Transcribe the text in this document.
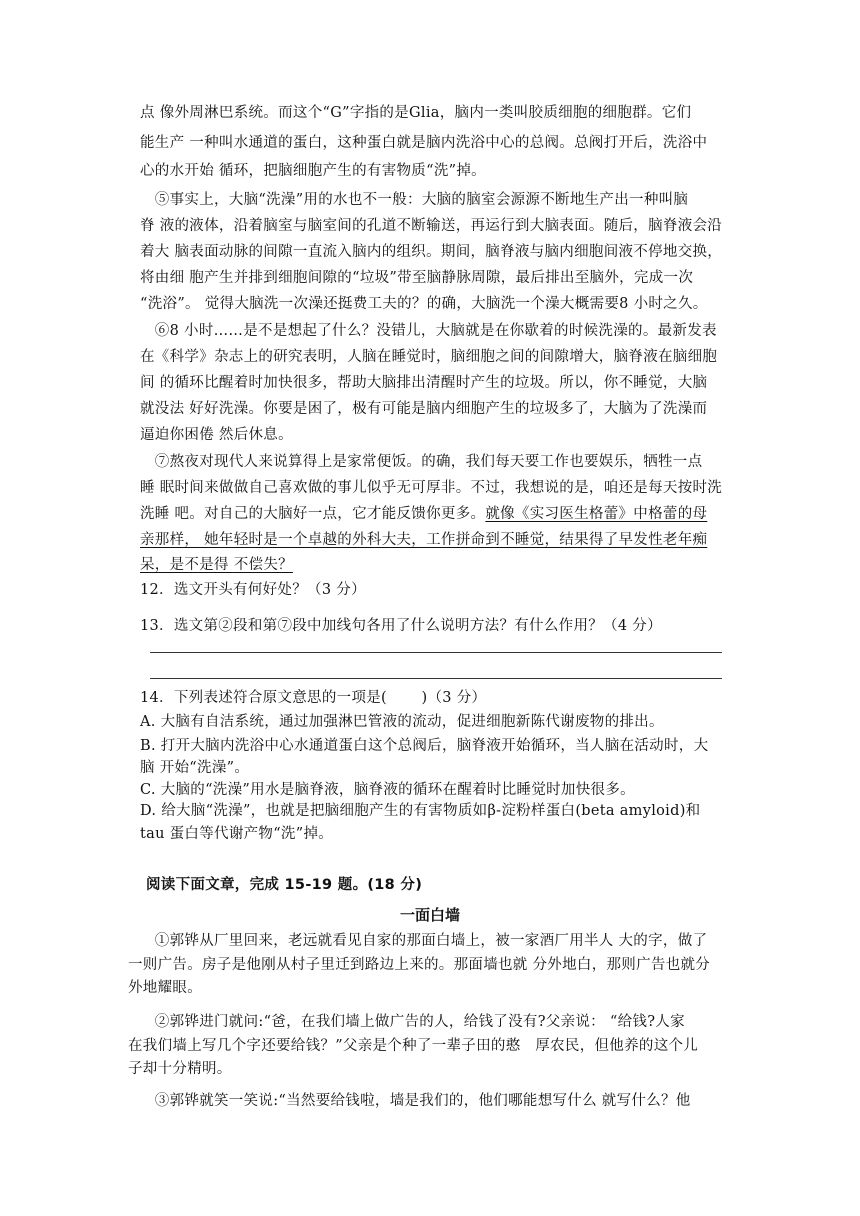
点 像外周淋巴系统。而这个“G”字指的是Glia，脑内一类叫胶质细胞的细胞群。它们
能生产 一种叫水通道的蛋白，这种蛋白就是脑内洗浴中心的总阀。总阀打开后，洗浴中
心的水开始 循环，把脑细胞产生的有害物质“洗”掉。
　⑤事实上，大脑“洗澡”用的水也不一般：大脑的脑室会源源不断地生产出一种叫脑
脊 液的液体，沿着脑室与脑室间的孔道不断输送，再运行到大脑表面。随后，脑脊液会沿
着大 脑表面动脉的间隙一直流入脑内的组织。期间，脑脊液与脑内细胞间液不停地交换，
将由细 胞产生并排到细胞间隙的“垃圾”带至脑静脉周隙，最后排出至脑外，完成一次
“洗浴”。 觉得大脑洗一次澡还挺费工夫的？的确，大脑洗一个澡大概需要8 小时之久。
　⑥8 小时……是不是想起了什么？没错儿，大脑就是在你歇着的时候洗澡的。最新发表
在《科学》杂志上的研究表明，人脑在睡觉时，脑细胞之间的间隙增大，脑脊液在脑细胞
间 的循环比醒着时加快很多，帮助大脑排出清醒时产生的垃圾。所以，你不睡觉，大脑
就没法 好好洗澡。你要是困了，极有可能是脑内细胞产生的垃圾多了，大脑为了洗澡而
逼迫你困倦 然后休息。
　⑦熬夜对现代人来说算得上是家常便饭。的确，我们每天要工作也要娱乐，牺牲一点
睡 眠时间来做做自己喜欢做的事儿似乎无可厚非。不过，我想说的是，咱还是每天按时洗
洗睡 吧。对自己的大脑好一点，它才能反馈你更多。就像《实习医生格蕾》中格蕾的母
亲那样， 她年轻时是一个卓越的外科大夫，工作拼命到不睡觉，结果得了早发性老年痴
呆，是不是得 不偿失？
12．选文开头有何好处？（3 分）
13．选文第②段和第⑦段中加线句各用了什么说明方法？有什么作用？（4 分）
14．下列表述符合原文意思的一项是(　　 )（3 分）
A. 大脑有自洁系统，通过加强淋巴管液的流动，促进细胞新陈代谢废物的排出。
B. 打开大脑内洗浴中心水通道蛋白这个总阀后，脑脊液开始循环，当人脑在活动时，大
脑 开始“洗澡”。
C. 大脑的“洗澡”用水是脑脊液，脑脊液的循环在醒着时比睡觉时加快很多。
D. 给大脑“洗澡”，也就是把脑细胞产生的有害物质如β-淀粉样蛋白(beta amyloid)和
tau 蛋白等代谢产物“洗”掉。
阅读下面文章，完成 15-19 题。(18 分)
一面白墙
　①郭铧从厂里回来，老远就看见自家的那面白墙上，被一家酒厂用半人 大的字，做了
一则广告。房子是他刚从村子里迁到路边上来的。那面墙也就 分外地白，那则广告也就分
外地耀眼。
　②郭铧进门就问:“爸，在我们墙上做广告的人，给钱了没有?父亲说： “给钱?人家
在我们墙上写几个字还要给钱？”父亲是个种了一辈子田的憨　厚农民，但他养的这个儿
子却十分精明。
　③郭铧就笑一笑说:“当然要给钱啦，墙是我们的，他们哪能想写什么 就写什么？他
